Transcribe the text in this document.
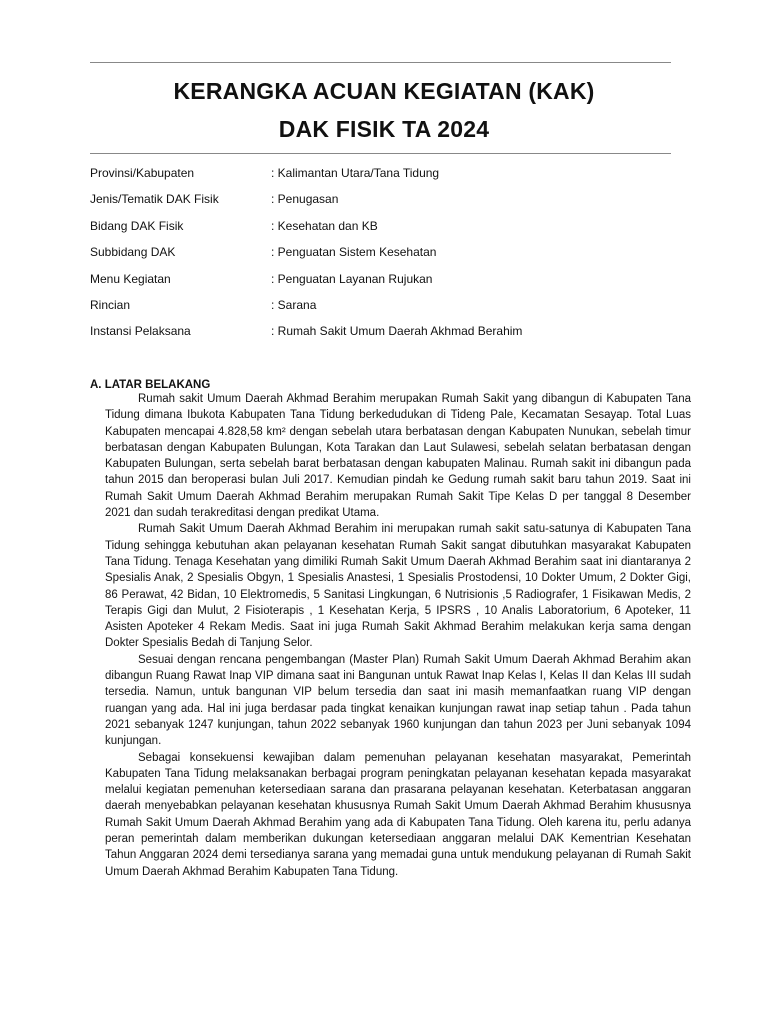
KERANGKA ACUAN KEGIATAN (KAK)
DAK FISIK TA 2024
Provinsi/Kabupaten	: Kalimantan Utara/Tana Tidung
Jenis/Tematik DAK Fisik	: Penugasan
Bidang DAK Fisik	: Kesehatan dan KB
Subbidang DAK	: Penguatan Sistem Kesehatan
Menu Kegiatan	: Penguatan Layanan Rujukan
Rincian	: Sarana
Instansi Pelaksana	: Rumah Sakit Umum Daerah Akhmad Berahim
A. LATAR BELAKANG

Rumah sakit Umum Daerah Akhmad Berahim merupakan Rumah Sakit yang dibangun di Kabupaten Tana Tidung dimana Ibukota Kabupaten Tana Tidung berkedudukan di Tideng Pale, Kecamatan Sesayap. Total Luas Kabupaten mencapai 4.828,58 km² dengan sebelah utara berbatasan dengan Kabupaten Nunukan, sebelah timur berbatasan dengan Kabupaten Bulungan, Kota Tarakan dan Laut Sulawesi, sebelah selatan berbatasan dengan Kabupaten Bulungan, serta sebelah barat berbatasan dengan kabupaten Malinau. Rumah sakit ini dibangun pada tahun 2015 dan beroperasi bulan Juli 2017. Kemudian pindah ke Gedung rumah sakit baru tahun 2019. Saat ini Rumah Sakit Umum Daerah Akhmad Berahim merupakan Rumah Sakit Tipe Kelas D per tanggal 8 Desember 2021 dan sudah terakreditasi dengan predikat Utama.

Rumah Sakit Umum Daerah Akhmad Berahim ini merupakan rumah sakit satu-satunya di Kabupaten Tana Tidung sehingga kebutuhan akan pelayanan kesehatan Rumah Sakit sangat dibutuhkan masyarakat Kabupaten Tana Tidung. Tenaga Kesehatan yang dimiliki Rumah Sakit Umum Daerah Akhmad Berahim saat ini diantaranya 2 Spesialis Anak, 2 Spesialis Obgyn, 1 Spesialis Anastesi, 1 Spesialis Prostodensi, 10 Dokter Umum, 2 Dokter Gigi, 86 Perawat, 42 Bidan, 10 Elektromedis, 5 Sanitasi Lingkungan, 6 Nutrisionis ,5 Radiografer, 1 Fisikawan Medis, 2 Terapis Gigi dan Mulut, 2 Fisioterapis , 1 Kesehatan Kerja, 5 IPSRS , 10 Analis Laboratorium, 6 Apoteker, 11 Asisten Apoteker 4 Rekam Medis. Saat ini juga Rumah Sakit Akhmad Berahim melakukan kerja sama dengan Dokter Spesialis Bedah di Tanjung Selor.

Sesuai dengan rencana pengembangan (Master Plan) Rumah Sakit Umum Daerah Akhmad Berahim akan dibangun Ruang Rawat Inap VIP dimana saat ini Bangunan untuk Rawat Inap Kelas I, Kelas II dan Kelas III sudah tersedia. Namun, untuk bangunan VIP belum tersedia dan saat ini masih memanfaatkan ruang VIP dengan ruangan yang ada. Hal ini juga berdasar pada tingkat kenaikan kunjungan rawat inap setiap tahun . Pada tahun 2021 sebanyak 1247 kunjungan, tahun 2022 sebanyak 1960 kunjungan dan tahun 2023 per Juni sebanyak 1094 kunjungan.

Sebagai konsekuensi kewajiban dalam pemenuhan pelayanan kesehatan masyarakat, Pemerintah Kabupaten Tana Tidung melaksanakan berbagai program peningkatan pelayanan kesehatan kepada masyarakat melalui kegiatan pemenuhan ketersediaan sarana dan prasarana pelayanan kesehatan. Keterbatasan anggaran daerah menyebabkan pelayanan kesehatan khususnya Rumah Sakit Umum Daerah Akhmad Berahim khususnya Rumah Sakit Umum Daerah Akhmad Berahim yang ada di Kabupaten Tana Tidung. Oleh karena itu, perlu adanya peran pemerintah dalam memberikan dukungan ketersediaan anggaran melalui DAK Kementrian Kesehatan Tahun Anggaran 2024 demi tersedianya sarana yang memadai guna untuk mendukung pelayanan di Rumah Sakit Umum Daerah Akhmad Berahim Kabupaten Tana Tidung.
